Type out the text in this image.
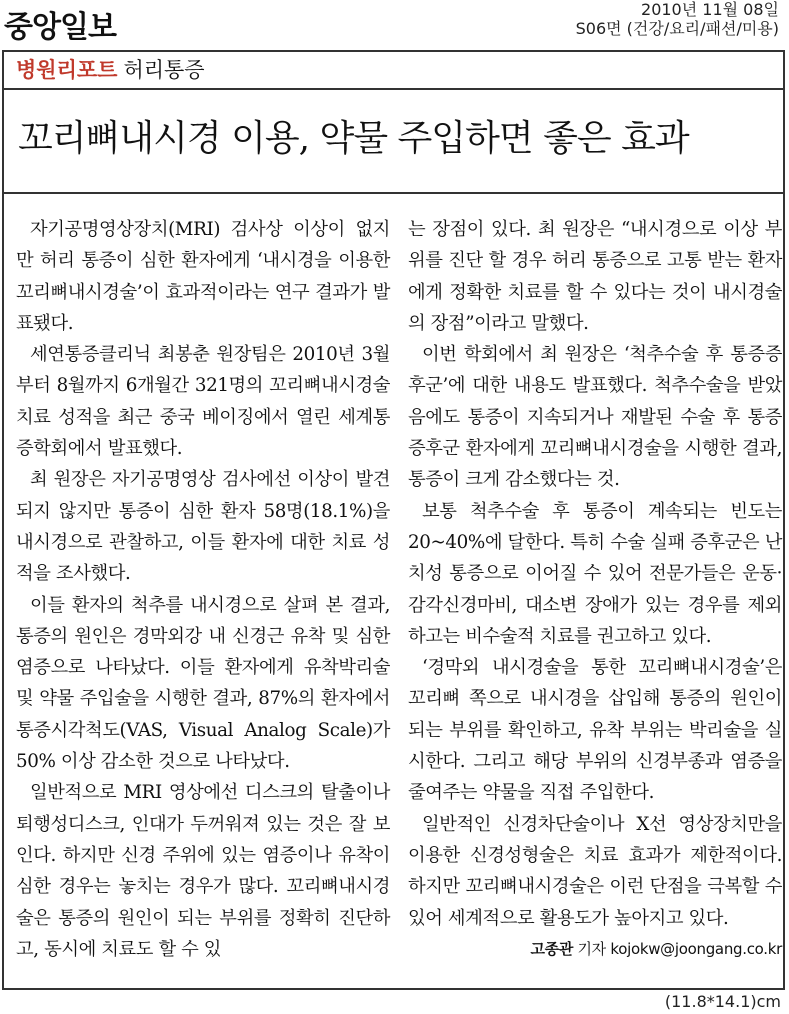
중앙일보
2010년 11월 08일
S06면 (건강/요리/패션/미용)
병원리포트 허리통증
꼬리뼈내시경 이용, 약물 주입하면 좋은 효과

자기공명영상장치(MRI) 검사상 이상이 없지만 허리 통증이 심한 환자에게 ‘내시경을 이용한 꼬리뼈내시경술’이 효과적이라는 연구 결과가 발표됐다.

세연통증클리닉 최봉춘 원장팀은 2010년 3월부터 8월까지 6개월간 321명의 꼬리뼈내시경술 치료 성적을 최근 중국 베이징에서 열린 세계통증학회에서 발표했다.

최 원장은 자기공명영상 검사에선 이상이 발견되지 않지만 통증이 심한 환자 58명(18.1%)을 내시경으로 관찰하고, 이들 환자에 대한 치료 성적을 조사했다.

이들 환자의 척추를 내시경으로 살펴 본 결과, 통증의 원인은 경막외강 내 신경근 유착 및 심한 염증으로 나타났다. 이들 환자에게 유착박리술 및 약물 주입술을 시행한 결과, 87%의 환자에서 통증시각척도(VAS, Visual Analog Scale)가 50% 이상 감소한 것으로 나타났다.

일반적으로 MRI 영상에선 디스크의 탈출이나 퇴행성디스크, 인대가 두꺼워져 있는 것은 잘 보인다. 하지만 신경 주위에 있는 염증이나 유착이 심한 경우는 놓치는 경우가 많다. 꼬리뼈내시경술은 통증의 원인이 되는 부위를 정확히 진단하고, 동시에 치료도 할 수 있

는 장점이 있다. 최 원장은 “내시경으로 이상 부위를 진단 할 경우 허리 통증으로 고통 받는 환자에게 정확한 치료를 할 수 있다는 것이 내시경술의 장점”이라고 말했다.

이번 학회에서 최 원장은 ‘척추수술 후 통증증후군’에 대한 내용도 발표했다. 척추수술을 받았음에도 통증이 지속되거나 재발된 수술 후 통증 증후군 환자에게 꼬리뼈내시경술을 시행한 결과, 통증이 크게 감소했다는 것.

보통 척추수술 후 통증이 계속되는 빈도는 20~40%에 달한다. 특히 수술 실패 증후군은 난치성 통증으로 이어질 수 있어 전문가들은 운동·감각신경마비, 대소변 장애가 있는 경우를 제외하고는 비수술적 치료를 권고하고 있다.

‘경막외 내시경술을 통한 꼬리뼈내시경술’은 꼬리뼈 쪽으로 내시경을 삽입해 통증의 원인이 되는 부위를 확인하고, 유착 부위는 박리술을 실시한다. 그리고 해당 부위의 신경부종과 염증을 줄여주는 약물을 직접 주입한다.

일반적인 신경차단술이나 X선 영상장치만을 이용한 신경성형술은 치료 효과가 제한적이다. 하지만 꼬리뼈내시경술은 이런 단점을 극복할 수 있어 세계적으로 활용도가 높아지고 있다.

고종관 기자 kojokw@joongang.co.kr
(11.8*14.1)cm
